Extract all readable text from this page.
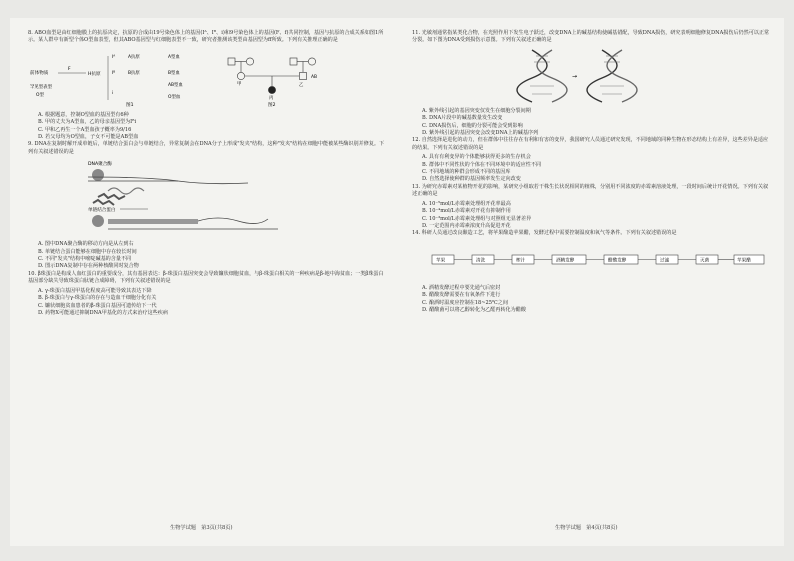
8. ABO血型是由红细胞膜上的抗原决定，抗原的合成由19号染色体上的基因(Ⅰᴬ、Ⅰᴮ、i)和9号染色体上的基因(F、f)共同控制，基因与抗原的合成关系如图1所示。某人群中有新型个体O型血表型，但其ABO基因型与红细胞表型不一致，研究者推测该类型由基因型为ff所致。下列有关推理正确的是
前体物质
F
H抗原
Ⅰᴬ
Ⅰᴮ
i
A抗原
B抗原
A型血
B型血
AB型血
O型血
罕见型表型
O型
图1
AB
甲	乙
丙
图2
A. 根据题意，控制O型血的基因型有6种
B. 甲的丈夫为A型血，乙的母亲基因型为Ⅰᴮi
C. 甲和乙再生一个A型血孩子概率为9/16
D. 若父母均为O型血，子女不可能是AB型血
9. DNA在复制时解开成单链后，单链结合蛋白会与单链结合，异常复制会在DNA分子上形成"发夹"结构，这种"发夹"结构在细胞中能被某些酶识别并修复。下列有关叙述错误的是
DNA聚合酶
单链结合蛋白
A. 图中DNA聚合酶的移动方向是从左到右
B. 单链结合蛋白能够在细胞中存在较长时间
C. 不同"发夹"结构中嘧啶碱基的含量不同
D. 图示DNA复制中存在两种核酸同时复合物
10. β珠蛋白是构成人血红蛋白的重要成分，其有基因表达：β-珠蛋白基因突变会导致镰状细胞贫血，与β-珠蛋白相关的一种疾病是β-地中海贫血；一类β珠蛋白基因部分缺失导致珠蛋白肽链合成障碍，下列有关叙述错误的是
A. γ-珠蛋白基因甲基化程度高可能导致其表达下降
B. β-珠蛋白与γ-珠蛋白的存在与造血干细胞分化有关
C. 镰状细胞贫血患者的β-珠蛋白基因可遗传给下一代
D. 药物X可能通过抑制DNA甲基化的方式来治疗这些疾病
生物学试题　第3页(共8页)
11. 光敏剂通常指某类化合物，在光照作用下发生电子跃迁，改变DNA上的碱基结构使碱基错配，导致DNA损伤，研究表明细胞修复DNA损伤后仍然可以正常分裂。如下图为DNA受到损伤示意图。下列有关叙述正确的是
→
A. 紫外线引起的基因突变仅发生在细胞分裂间期
B. DNA片段中的碱基数量发生改变
C. DNA损伤后，细胞的分裂可能会受到影响
D. 紫外线引起的基因突变会改变DNA上的碱基序列
12. 自然选择是进化的动力，但在群体中往往存在有利和有害的变异，我国研究人员通过研究发现，不同地域的同种生物在形态结构上有差异，这些差异是适应的结果。下列有关叙述错误的是
A. 具有有利变异的个体能够获得更多的生存机会
B. 群体中不同性状的个体在不同环境中的适应性不同
C. 不同地域的种群会形成不同的基因库
D. 自然选择使种群的基因频率发生定向改变
13. 为研究赤霉素对某植物开花的影响，某研究小组取若干株生长状况相同的植株，分别用不同浓度的赤霉素溶液处理，一段时间后统计开花情况。下列有关叙述正确的是
A. 10⁻⁵mol/L赤霉素处理组开花率最高
B. 10⁻⁴mol/L赤霉素对开花有抑制作用
C. 10⁻³mol/L赤霉素处理组与对照组无显著差异
D. 一定范围内赤霉素浓度升高促进开花
14. 科研人员通过改良酿造工艺，将苹果酿造苹果醋，发酵过程中需要控制温度和氧气等条件。下列有关叙述错误的是
苹果	清洗	榨汁	酒精发酵	醋酸发酵	过滤	灭菌	苹果醋
A. 酒精发酵过程中要先通气后密封
B. 醋酸发酵需要在有氧条件下进行
C. 酿酒时温度应控制在18~25℃之间
D. 醋酸菌可以将乙醇转化为乙醛再转化为醋酸
生物学试题　第4页(共8页)
